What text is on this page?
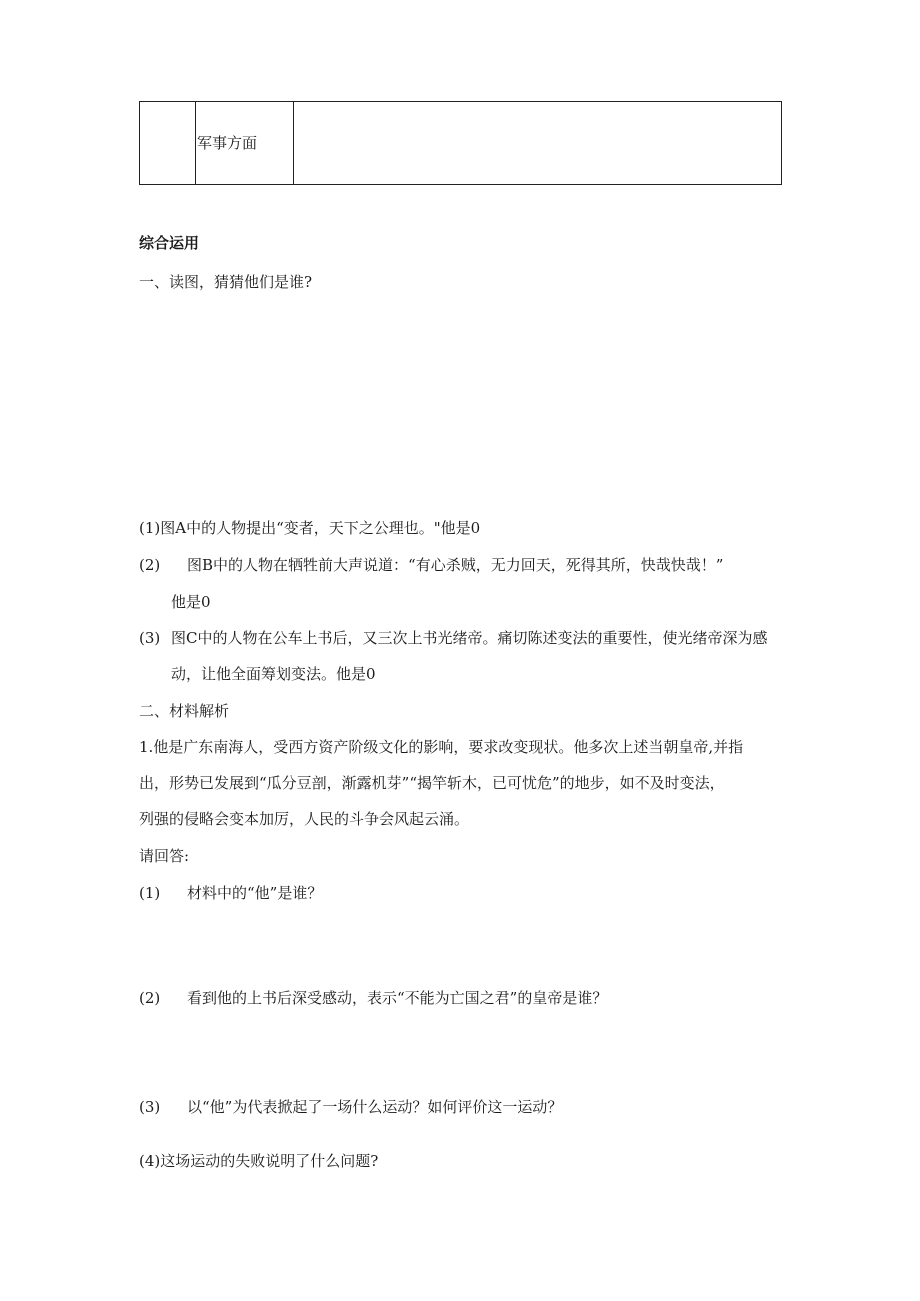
军事方面

综合运用
一、读图，猜猜他们是谁?
(1)图A中的人物提出“变者，天下之公理也。"他是0
(2) 图B中的人物在牺牲前大声说道：“有心杀贼，无力回天，死得其所，快哉快哉！”
他是0
(3) 图C中的人物在公车上书后，又三次上书光绪帝。痛切陈述变法的重要性，使光绪帝深为感
动，让他全面筹划变法。他是0
二、材料解析
1.他是广东南海人，受西方资产阶级文化的影响，要求改变现状。他多次上述当朝皇帝,并指
出，形势已发展到“瓜分豆剖，渐露机芽”“揭竿斩木，已可忧危”的地步，如不及时变法，
列强的侵略会变本加厉，人民的斗争会风起云涌。
请回答:
(1) 材料中的“他”是谁？
(2) 看到他的上书后深受感动，表示“不能为亡国之君”的皇帝是谁？
(3) 以“他”为代表掀起了一场什么运动？如何评价这一运动？
(4)这场运动的失败说明了什么问题?
